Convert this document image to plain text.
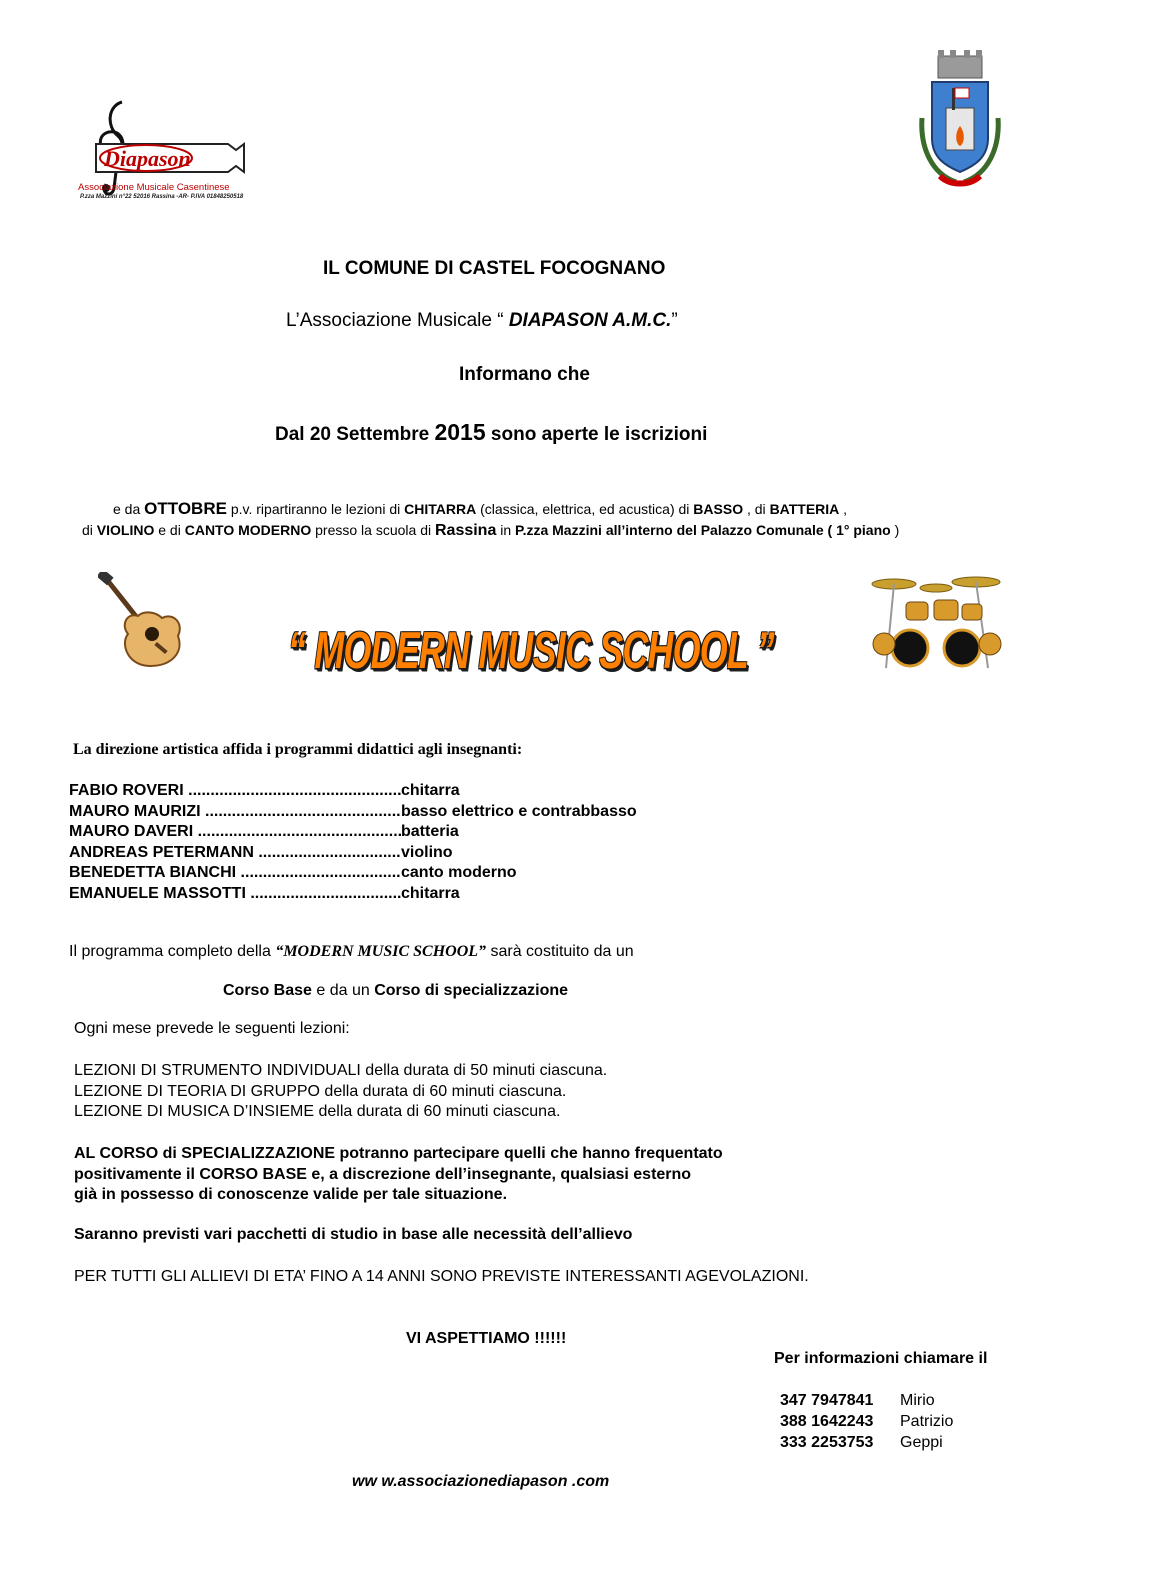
Diapason
Associazione Musicale Casentinese
P.zza Mazzini n°22 52016 Rassina -AR- P.IVA 01848250518
IL COMUNE DI CASTEL FOCOGNANO
L’Associazione Musicale “ DIAPASON A.M.C.”
Informano che
Dal 20 Settembre 2015 sono aperte le iscrizioni
e da OTTOBRE p.v. ripartiranno le lezioni di CHITARRA (classica, elettrica, ed acustica) di BASSO , di BATTERIA ,
di VIOLINO e di CANTO MODERNO presso la scuola di Rassina in P.zza Mazzini all’interno del Palazzo Comunale ( 1° piano )
“ MODERN MUSIC SCHOOL ”
La direzione artistica affida i programmi didattici agli insegnanti:
FABIO ROVERI .....	chitarra
MAURO MAURIZI .....	basso elettrico e contrabbasso
MAURO DAVERI .....	batteria
ANDREAS PETERMANN .....	violino
BENEDETTA BIANCHI .....	canto moderno
EMANUELE MASSOTTI .....	chitarra
Il programma completo della “MODERN MUSIC SCHOOL” sarà costituito da un
Corso Base e da un Corso di specializzazione
Ogni mese prevede le seguenti lezioni:
LEZIONI DI STRUMENTO INDIVIDUALI della durata di 50 minuti ciascuna.
LEZIONE DI TEORIA DI GRUPPO della durata di 60 minuti ciascuna.
LEZIONE DI MUSICA D’INSIEME della durata di 60 minuti ciascuna.
AL CORSO di SPECIALIZZAZIONE potranno partecipare quelli che hanno frequentato
positivamente il CORSO BASE e, a discrezione dell’insegnante, qualsiasi esterno
già in possesso di conoscenze valide per tale situazione.
Saranno previsti vari pacchetti di studio in base alle necessità dell’allievo
PER TUTTI GLI ALLIEVI DI ETA’ FINO A 14 ANNI SONO PREVISTE INTERESSANTI AGEVOLAZIONI.
VI ASPETTIAMO !!!!!!
Per informazioni chiamare il
347 7947841	Mirio
388 1642243	Patrizio
333 2253753	Geppi
ww w.associazionediapason .com
